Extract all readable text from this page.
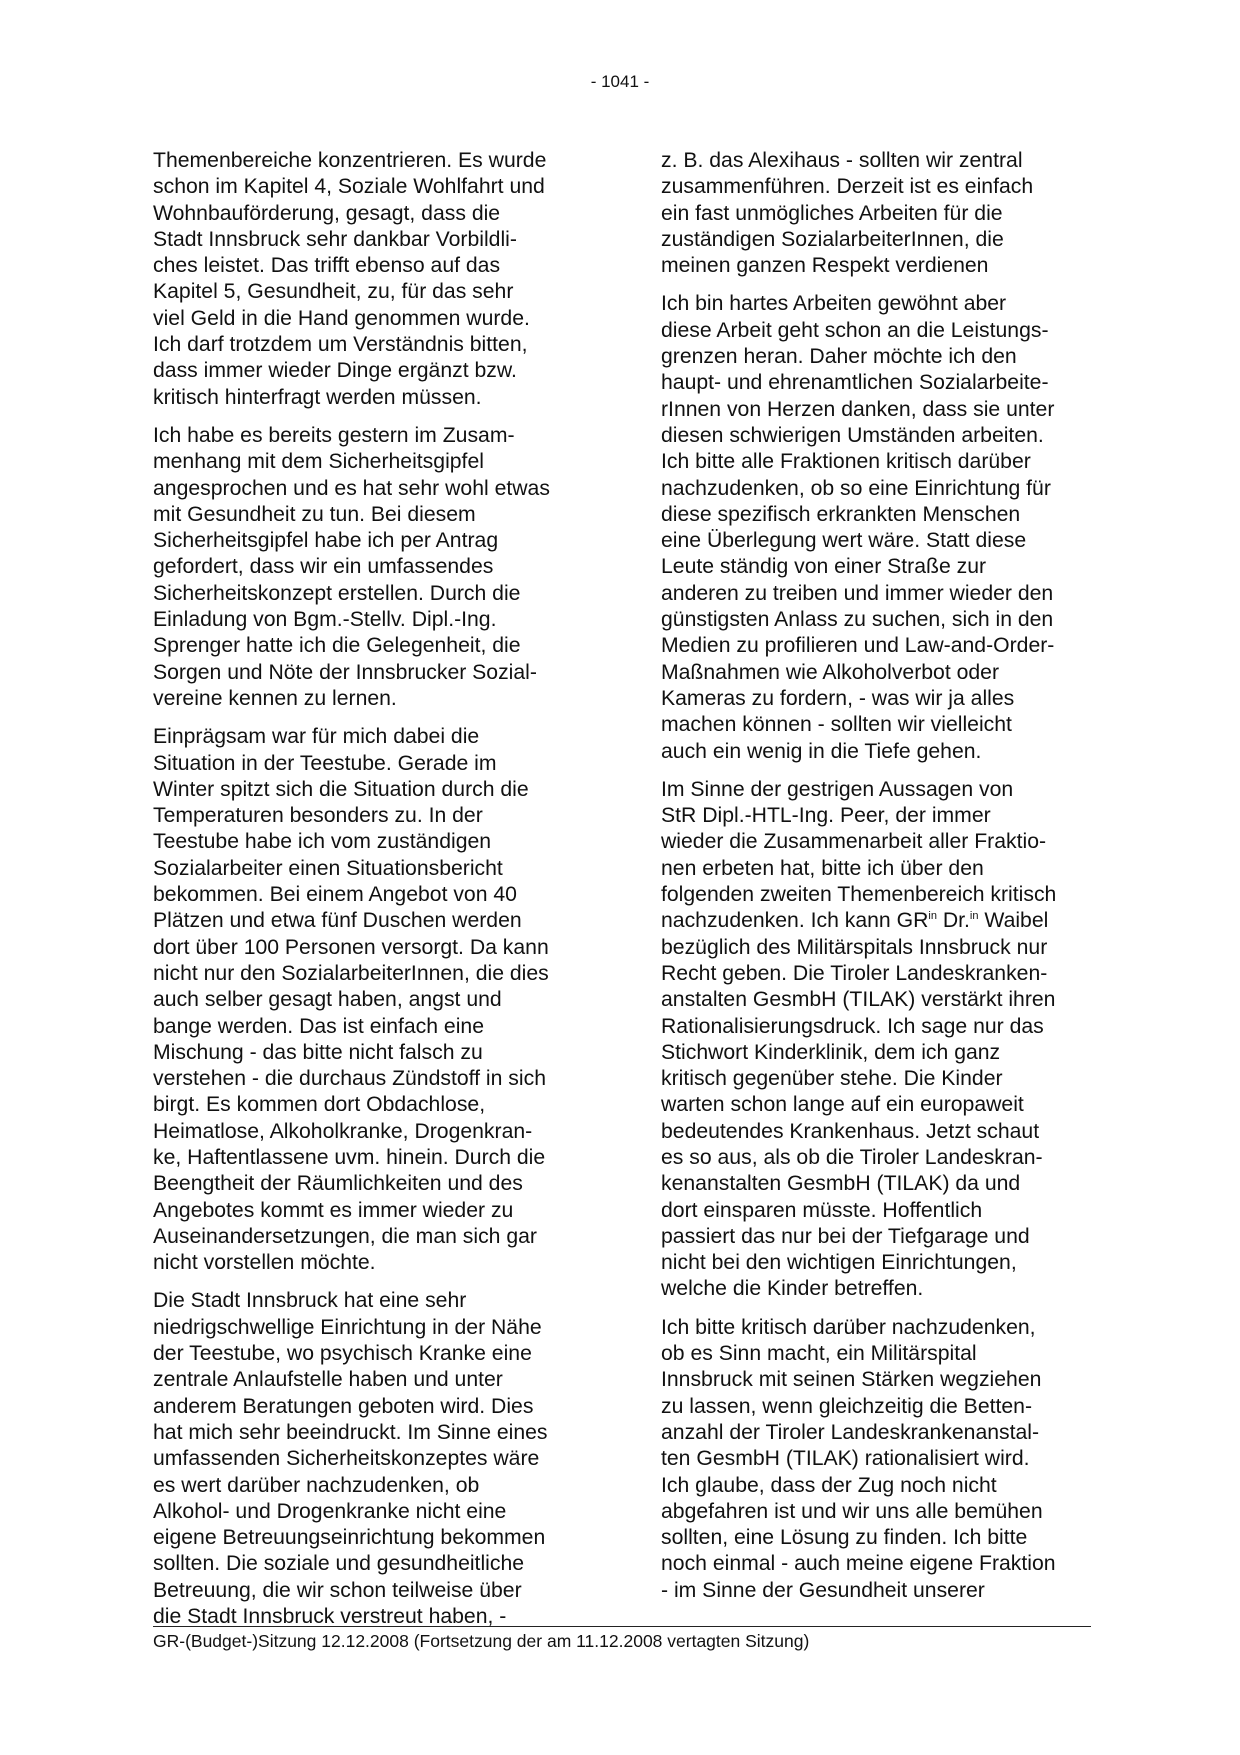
- 1041 -

Themenbereiche konzentrieren. Es wurde
schon im Kapitel 4, Soziale Wohlfahrt und
Wohnbauförderung, gesagt, dass die
Stadt Innsbruck sehr dankbar Vorbildli-
ches leistet. Das trifft ebenso auf das
Kapitel 5, Gesundheit, zu, für das sehr
viel Geld in die Hand genommen wurde.
Ich darf trotzdem um Verständnis bitten,
dass immer wieder Dinge ergänzt bzw.
kritisch hinterfragt werden müssen.

Ich habe es bereits gestern im Zusam-
menhang mit dem Sicherheitsgipfel
angesprochen und es hat sehr wohl etwas
mit Gesundheit zu tun. Bei diesem
Sicherheitsgipfel habe ich per Antrag
gefordert, dass wir ein umfassendes
Sicherheitskonzept erstellen. Durch die
Einladung von Bgm.-Stellv. Dipl.-Ing.
Sprenger hatte ich die Gelegenheit, die
Sorgen und Nöte der Innsbrucker Sozial-
vereine kennen zu lernen.

Einprägsam war für mich dabei die
Situation in der Teestube. Gerade im
Winter spitzt sich die Situation durch die
Temperaturen besonders zu. In der
Teestube habe ich vom zuständigen
Sozialarbeiter einen Situationsbericht
bekommen. Bei einem Angebot von 40
Plätzen und etwa fünf Duschen werden
dort über 100 Personen versorgt. Da kann
nicht nur den SozialarbeiterInnen, die dies
auch selber gesagt haben, angst und
bange werden. Das ist einfach eine
Mischung - das bitte nicht falsch zu
verstehen - die durchaus Zündstoff in sich
birgt. Es kommen dort Obdachlose,
Heimatlose, Alkoholkranke, Drogenkran-
ke, Haftentlassene uvm. hinein. Durch die
Beengtheit der Räumlichkeiten und des
Angebotes kommt es immer wieder zu
Auseinandersetzungen, die man sich gar
nicht vorstellen möchte.

Die Stadt Innsbruck hat eine sehr
niedrigschwellige Einrichtung in der Nähe
der Teestube, wo psychisch Kranke eine
zentrale Anlaufstelle haben und unter
anderem Beratungen geboten wird. Dies
hat mich sehr beeindruckt. Im Sinne eines
umfassenden Sicherheitskonzeptes wäre
es wert darüber nachzudenken, ob
Alkohol- und Drogenkranke nicht eine
eigene Betreuungseinrichtung bekommen
sollten. Die soziale und gesundheitliche
Betreuung, die wir schon teilweise über
die Stadt Innsbruck verstreut haben, -

z. B. das Alexihaus - sollten wir zentral
zusammenführen. Derzeit ist es einfach
ein fast unmögliches Arbeiten für die
zuständigen SozialarbeiterInnen, die
meinen ganzen Respekt verdienen

Ich bin hartes Arbeiten gewöhnt aber
diese Arbeit geht schon an die Leistungs-
grenzen heran. Daher möchte ich den
haupt- und ehrenamtlichen Sozialarbeite-
rInnen von Herzen danken, dass sie unter
diesen schwierigen Umständen arbeiten.
Ich bitte alle Fraktionen kritisch darüber
nachzudenken, ob so eine Einrichtung für
diese spezifisch erkrankten Menschen
eine Überlegung wert wäre. Statt diese
Leute ständig von einer Straße zur
anderen zu treiben und immer wieder den
günstigsten Anlass zu suchen, sich in den
Medien zu profilieren und Law-and-Order-
Maßnahmen wie Alkoholverbot oder
Kameras zu fordern, - was wir ja alles
machen können - sollten wir vielleicht
auch ein wenig in die Tiefe gehen.

Im Sinne der gestrigen Aussagen von
StR Dipl.-HTL-Ing. Peer, der immer
wieder die Zusammenarbeit aller Fraktio-
nen erbeten hat, bitte ich über den
folgenden zweiten Themenbereich kritisch
nachzudenken. Ich kann $GR^{in}$ Dr.$^{in}$ Waibel
bezüglich des Militärspitals Innsbruck nur
Recht geben. Die Tiroler Landeskranken-
anstalten GesmbH (TILAK) verstärkt ihren
Rationalisierungsdruck. Ich sage nur das
Stichwort Kinderklinik, dem ich ganz
kritisch gegenüber stehe. Die Kinder
warten schon lange auf ein europaweit
bedeutendes Krankenhaus. Jetzt schaut
es so aus, als ob die Tiroler Landeskran-
kenanstalten GesmbH (TILAK) da und
dort einsparen müsste. Hoffentlich
passiert das nur bei der Tiefgarage und
nicht bei den wichtigen Einrichtungen,
welche die Kinder betreffen.

Ich bitte kritisch darüber nachzudenken,
ob es Sinn macht, ein Militärspital
Innsbruck mit seinen Stärken wegziehen
zu lassen, wenn gleichzeitig die Betten-
anzahl der Tiroler Landeskrankenanstal-
ten GesmbH (TILAK) rationalisiert wird.
Ich glaube, dass der Zug noch nicht
abgefahren ist und wir uns alle bemühen
sollten, eine Lösung zu finden. Ich bitte
noch einmal - auch meine eigene Fraktion
- im Sinne der Gesundheit unserer

GR-(Budget-)Sitzung 12.12.2008 (Fortsetzung der am 11.12.2008 vertagten Sitzung)
